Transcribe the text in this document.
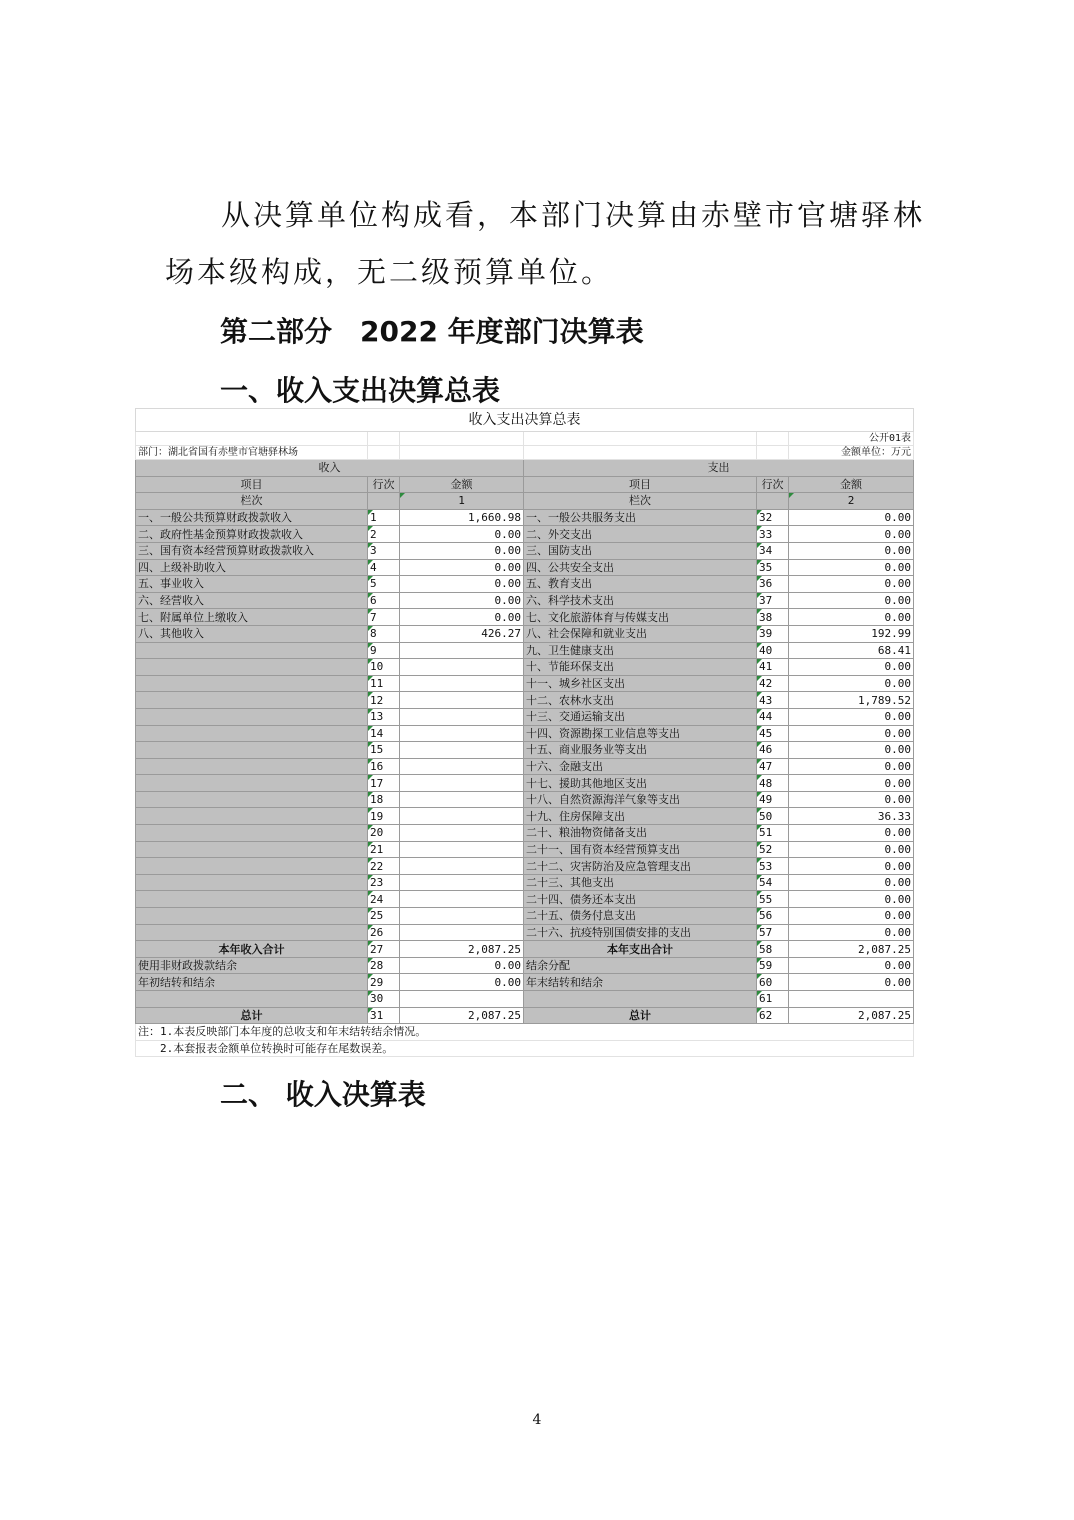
从决算单位构成看，本部门决算由赤壁市官塘驿林场本级构成，无二级预算单位。

第二部分　2022 年度部门决算表
一、收入支出决算总表
收入支出决算总表					
					公开01表
部门：湖北省国有赤壁市官塘驿林场					金额单位：万元
收入			支出		
项目	行次	金额	项目	行次	金额
栏次		1	栏次		2
一、一般公共预算财政拨款收入	1	1,660.98	一、一般公共服务支出	32	0.00
二、政府性基金预算财政拨款收入	2	0.00	二、外交支出	33	0.00
三、国有资本经营预算财政拨款收入	3	0.00	三、国防支出	34	0.00
四、上级补助收入	4	0.00	四、公共安全支出	35	0.00
五、事业收入	5	0.00	五、教育支出	36	0.00
六、经营收入	6	0.00	六、科学技术支出	37	0.00
七、附属单位上缴收入	7	0.00	七、文化旅游体育与传媒支出	38	0.00
八、其他收入	8	426.27	八、社会保障和就业支出	39	192.99
	9		九、卫生健康支出	40	68.41
	10		十、节能环保支出	41	0.00
	11		十一、城乡社区支出	42	0.00
	12		十二、农林水支出	43	1,789.52
	13		十三、交通运输支出	44	0.00
	14		十四、资源勘探工业信息等支出	45	0.00
	15		十五、商业服务业等支出	46	0.00
	16		十六、金融支出	47	0.00
	17		十七、援助其他地区支出	48	0.00
	18		十八、自然资源海洋气象等支出	49	0.00
	19		十九、住房保障支出	50	36.33
	20		二十、粮油物资储备支出	51	0.00
	21		二十一、国有资本经营预算支出	52	0.00
	22		二十二、灾害防治及应急管理支出	53	0.00
	23		二十三、其他支出	54	0.00
	24		二十四、债务还本支出	55	0.00
	25		二十五、债务付息支出	56	0.00
	26		二十六、抗疫特别国债安排的支出	57	0.00
本年收入合计	27	2,087.25	本年支出合计	58	2,087.25
使用非财政拨款结余	28	0.00	结余分配	59	0.00
年初结转和结余	29	0.00	年末结转和结余	60	0.00
	30			61	
总计	31	2,087.25	总计	62	2,087.25
注：1.本表反映部门本年度的总收支和年末结转结余情况。					
　　2.本套报表金额单位转换时可能存在尾数误差。					
二、 收入决算表
4
